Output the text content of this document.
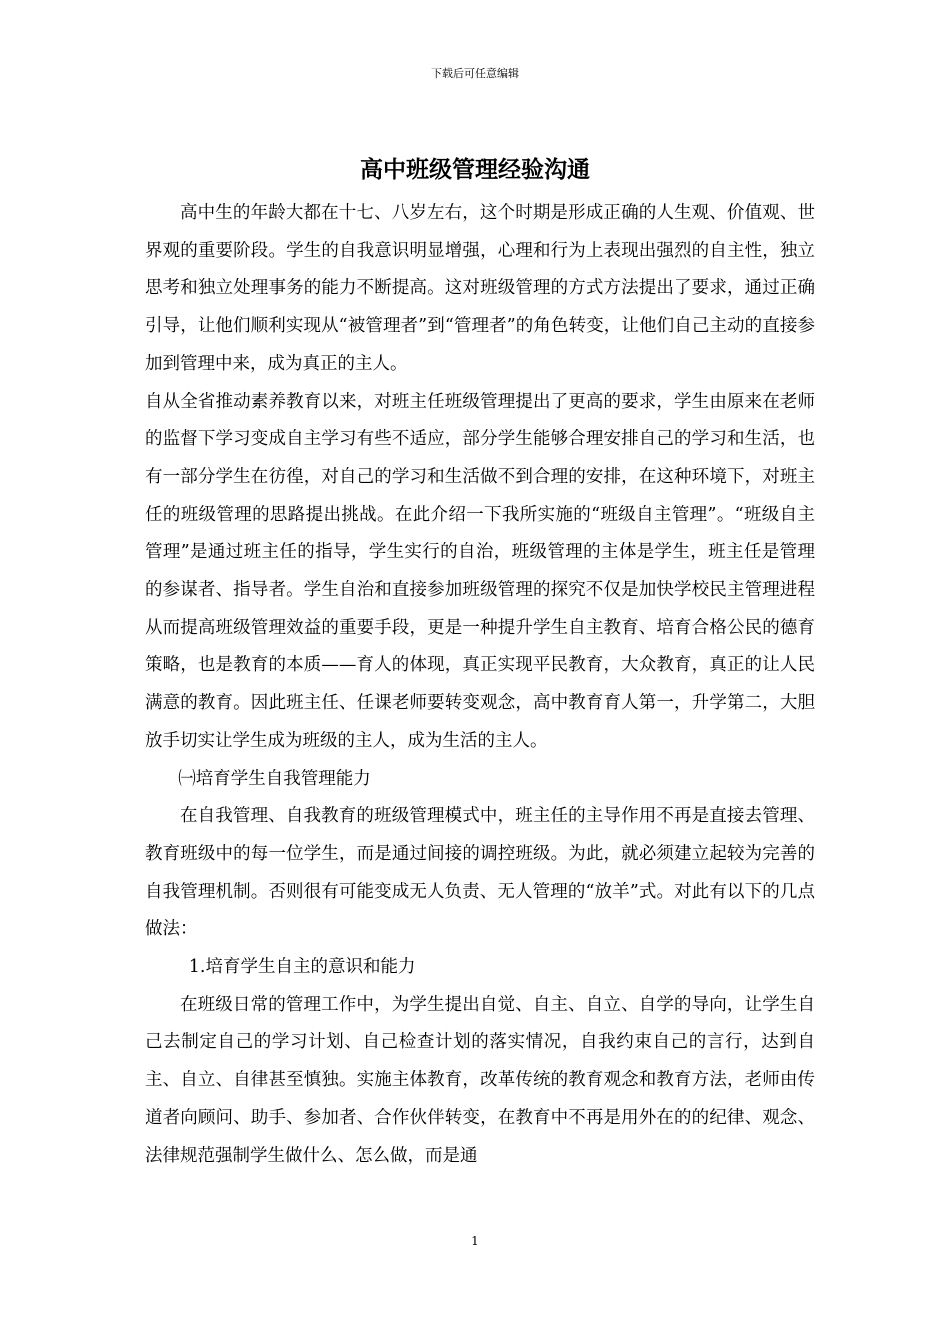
下载后可任意编辑
高中班级管理经验沟通

高中生的年龄大都在十七、八岁左右，这个时期是形成正确的人生观、价值观、世界观的重要阶段。学生的自我意识明显增强，心理和行为上表现出强烈的自主性，独立思考和独立处理事务的能力不断提高。这对班级管理的方式方法提出了要求，通过正确引导，让他们顺利实现从“被管理者”到“管理者”的角色转变，让他们自己主动的直接参加到管理中来，成为真正的主人。

自从全省推动素养教育以来，对班主任班级管理提出了更高的要求，学生由原来在老师的监督下学习变成自主学习有些不适应，部分学生能够合理安排自己的学习和生活，也有一部分学生在彷徨，对自己的学习和生活做不到合理的安排，在这种环境下，对班主任的班级管理的思路提出挑战。在此介绍一下我所实施的“班级自主管理”。“班级自主管理”是通过班主任的指导，学生实行的自治，班级管理的主体是学生，班主任是管理的参谋者、指导者。学生自治和直接参加班级管理的探究不仅是加快学校民主管理进程从而提高班级管理效益的重要手段，更是一种提升学生自主教育、培育合格公民的德育策略，也是教育的本质——育人的体现，真正实现平民教育，大众教育，真正的让人民满意的教育。因此班主任、任课老师要转变观念，高中教育育人第一，升学第二，大胆放手切实让学生成为班级的主人，成为生活的主人。

㈠培育学生自我管理能力

在自我管理、自我教育的班级管理模式中，班主任的主导作用不再是直接去管理、教育班级中的每一位学生，而是通过间接的调控班级。为此，就必须建立起较为完善的自我管理机制。否则很有可能变成无人负责、无人管理的“放羊”式。对此有以下的几点做法：

1.培育学生自主的意识和能力

在班级日常的管理工作中，为学生提出自觉、自主、自立、自学的导向，让学生自己去制定自己的学习计划、自己检查计划的落实情况，自我约束自己的言行，达到自主、自立、自律甚至慎独。实施主体教育，改革传统的教育观念和教育方法，老师由传道者向顾问、助手、参加者、合作伙伴转变，在教育中不再是用外在的的纪律、观念、法律规范强制学生做什么、怎么做，而是通

1
